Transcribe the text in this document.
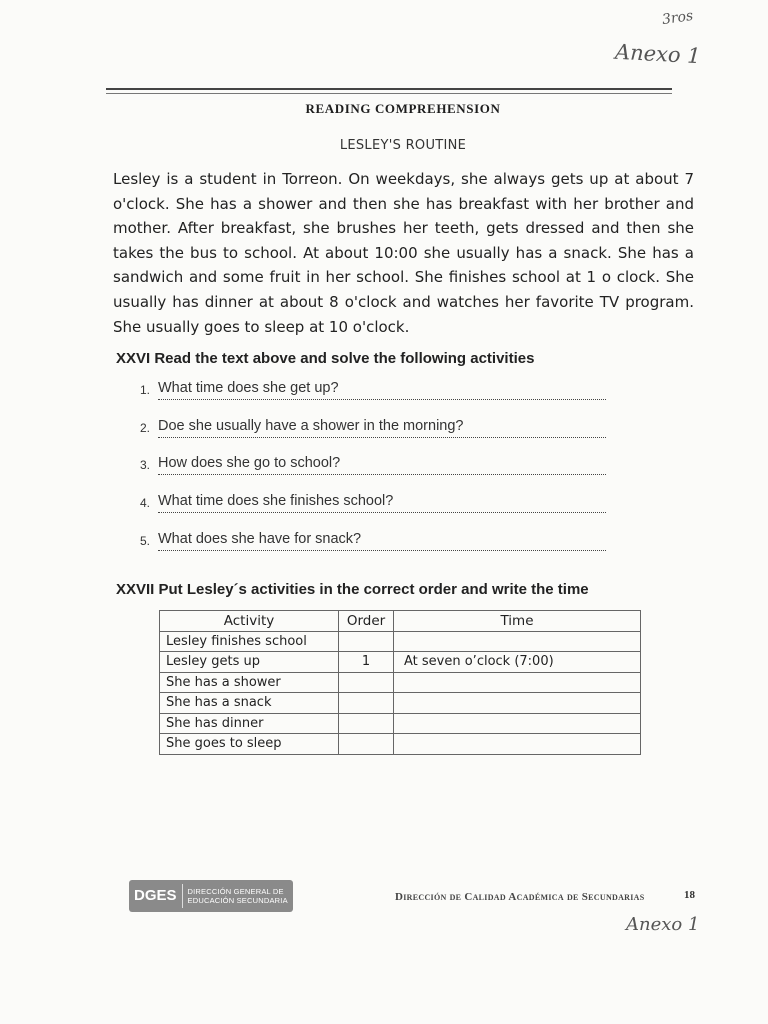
3ros
Anexo 1
READING COMPREHENSION
LESLEY'S ROUTINE
Lesley is a student in Torreon. On weekdays, she always gets up at about 7 o'clock. She has a shower and then she has breakfast with her brother and mother. After breakfast, she brushes her teeth, gets dressed and then she takes the bus to school. At about 10:00 she usually has a snack. She has a sandwich and some fruit in her school. She finishes school at 1 o clock. She usually has dinner at about 8 o'clock and watches her favorite TV program. She usually goes to sleep at 10 o'clock.
XXVI Read the text above and solve the following activities
1. What time does she get up?
2. Doe she usually have a shower in the morning?
3. How does she go to school?
4. What time does she finishes school?
5. What does she have for snack?
XXVII Put Lesley´s activities in the correct order and write the time
Activity	Order	Time
Lesley finishes school		
Lesley gets up	1	At seven o’clock (7:00)
She has a shower		
She has a snack		
She has dinner		
She goes to sleep		
DGES	DIRECCIÓN GENERAL DE
EDUCACIÓN SECUNDARIA	Dirección de Calidad Académica de Secundarias	18
Anexo 1
